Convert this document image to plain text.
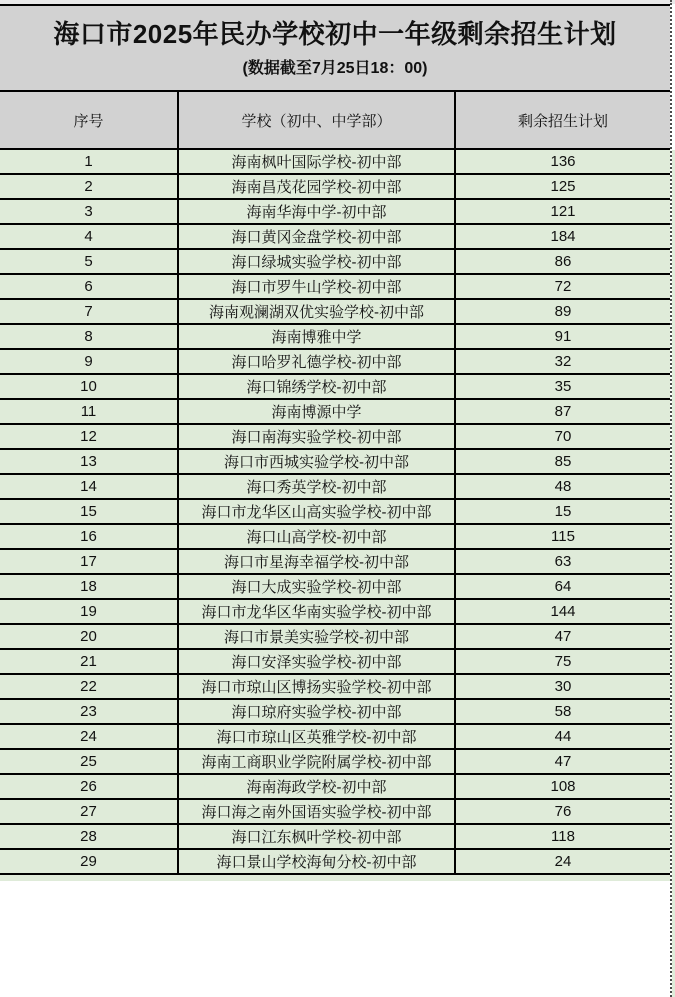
海口市2025年民办学校初中一年级剩余招生计划
(数据截至7月25日18：00)
序号	学校（初中、中学部）	剩余招生计划
1	海南枫叶国际学校-初中部	136
2	海南昌茂花园学校-初中部	125
3	海南华海中学-初中部	121
4	海口黄冈金盘学校-初中部	184
5	海口绿城实验学校-初中部	86
6	海口市罗牛山学校-初中部	72
7	海南观澜湖双优实验学校-初中部	89
8	海南博雅中学	91
9	海口哈罗礼德学校-初中部	32
10	海口锦绣学校-初中部	35
11	海南博源中学	87
12	海口南海实验学校-初中部	70
13	海口市西城实验学校-初中部	85
14	海口秀英学校-初中部	48
15	海口市龙华区山高实验学校-初中部	15
16	海口山高学校-初中部	115
17	海口市星海幸福学校-初中部	63
18	海口大成实验学校-初中部	64
19	海口市龙华区华南实验学校-初中部	144
20	海口市景美实验学校-初中部	47
21	海口安泽实验学校-初中部	75
22	海口市琼山区博扬实验学校-初中部	30
23	海口琼府实验学校-初中部	58
24	海口市琼山区英雅学校-初中部	44
25	海南工商职业学院附属学校-初中部	47
26	海南海政学校-初中部	108
27	海口海之南外国语实验学校-初中部	76
28	海口江东枫叶学校-初中部	118
29	海口景山学校海甸分校-初中部	24
